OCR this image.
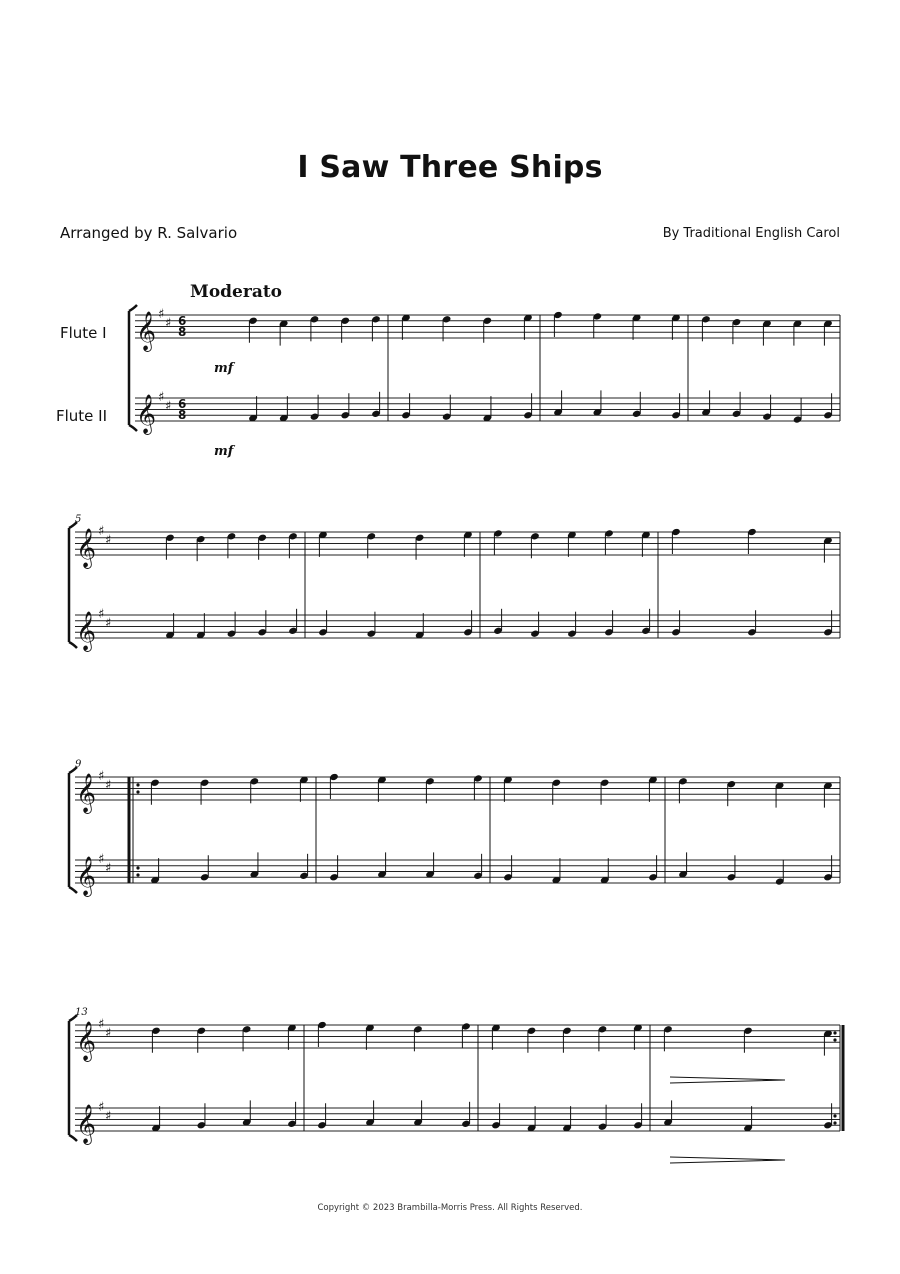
I Saw Three Ships
Arranged by R. Salvario	By Traditional English Carol
Moderato
Flute I
Flute II
𝄞 ♯
♯ 6
8
𝄞 ♯
♯ 6
8
mf
mf
𝄞 ♯
♯
𝄞 ♯
♯
5
𝄞 ♯
♯
𝄞 ♯
♯
9
𝄞 ♯
♯
𝄞 ♯
♯
13
Copyright © 2023 Brambilla-Morris Press. All Rights Reserved.
